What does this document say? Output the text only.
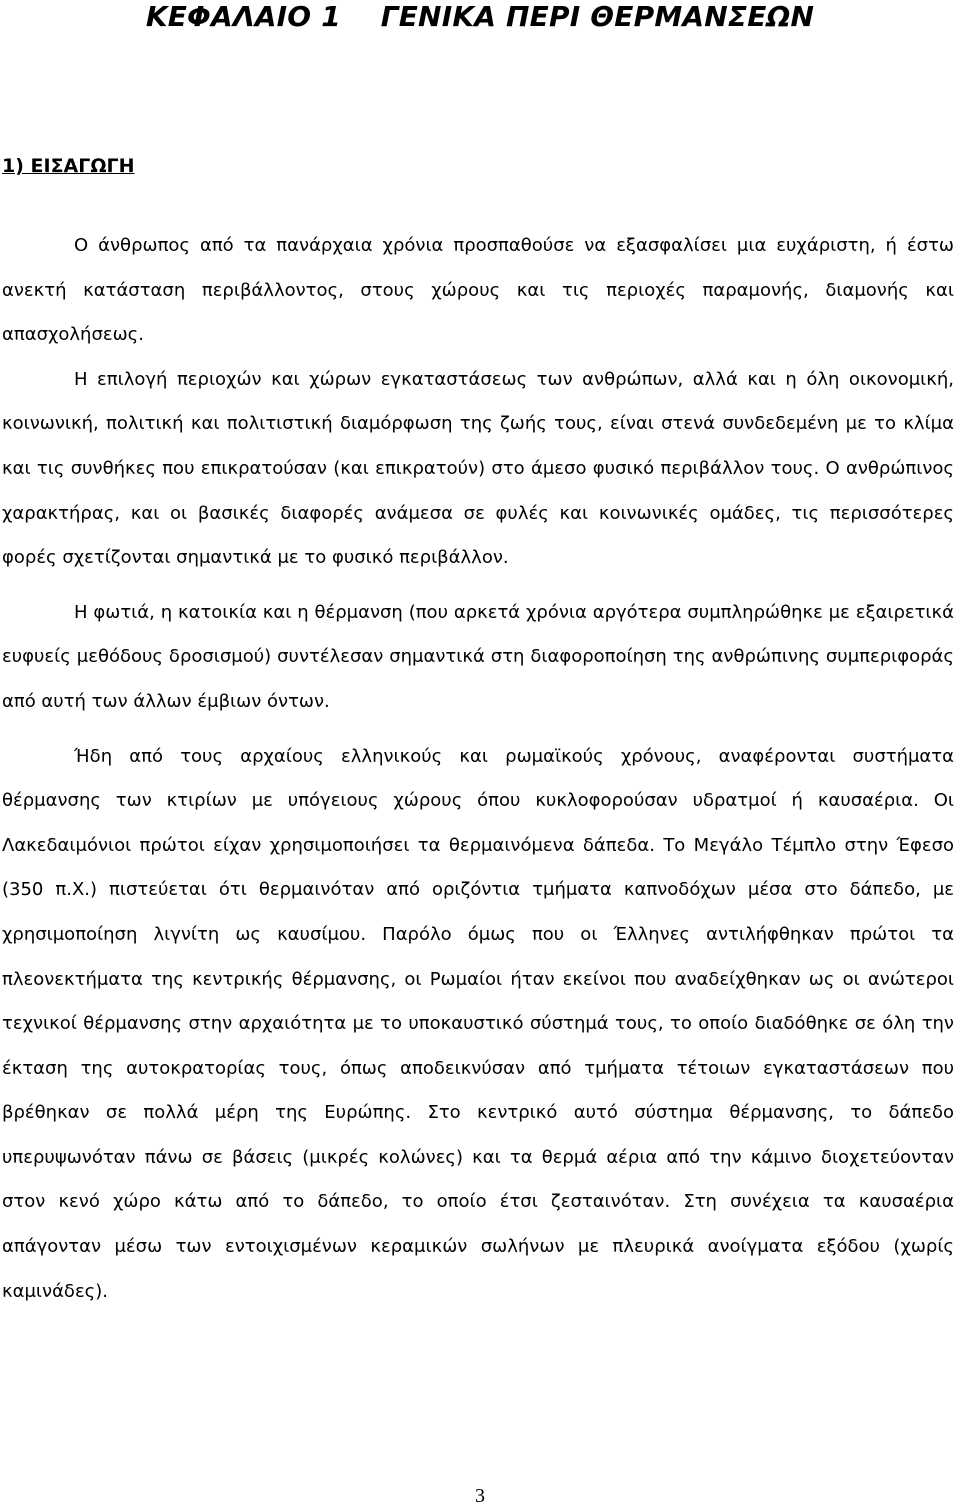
ΚΕΦΑΛΑΙΟ 1    ΓΕΝΙΚΑ ΠΕΡΙ ΘΕΡΜΑΝΣΕΩΝ
1) ΕΙΣΑΓΩΓΗ

Ο άνθρωπος από τα πανάρχαια χρόνια προσπαθούσε να εξασφαλίσει μια ευχάριστη, ή έστω ανεκτή κατάσταση περιβάλλοντος, στους χώρους και τις περιοχές παραμονής, διαμονής και απασχολήσεως.

Η επιλογή περιοχών και χώρων εγκαταστάσεως των ανθρώπων, αλλά και η όλη οικονομική, κοινωνική, πολιτική και πολιτιστική διαμόρφωση της ζωής τους, είναι στενά συνδεδεμένη με το κλίμα και τις συνθήκες που επικρατούσαν (και επικρατούν) στο άμεσο φυσικό περιβάλλον τους. Ο ανθρώπινος χαρακτήρας, και οι βασικές διαφορές ανάμεσα σε φυλές και κοινωνικές ομάδες, τις περισσότερες φορές σχετίζονται σημαντικά με το φυσικό περιβάλλον.

Η φωτιά, η κατοικία και η θέρμανση (που αρκετά χρόνια αργότερα συμπληρώθηκε με εξαιρετικά ευφυείς μεθόδους δροσισμού) συντέλεσαν σημαντικά στη διαφοροποίηση της ανθρώπινης συμπεριφοράς από αυτή των άλλων έμβιων όντων.

Ήδη από τους αρχαίους ελληνικούς και ρωμαϊκούς χρόνους, αναφέρονται συστήματα θέρμανσης των κτιρίων με υπόγειους χώρους όπου κυκλοφορούσαν υδρατμοί ή καυσαέρια. Οι Λακεδαιμόνιοι πρώτοι είχαν χρησιμοποιήσει τα θερμαινόμενα δάπεδα. Το Μεγάλο Τέμπλο στην Έφεσο (350 π.Χ.) πιστεύεται ότι θερμαινόταν από οριζόντια τμήματα καπνοδόχων μέσα στο δάπεδο, με χρησιμοποίηση λιγνίτη ως καυσίμου. Παρόλο όμως που οι Έλληνες αντιλήφθηκαν πρώτοι τα πλεονεκτήματα της κεντρικής θέρμανσης, οι Ρωμαίοι ήταν εκείνοι που αναδείχθηκαν ως οι ανώτεροι τεχνικοί θέρμανσης στην αρχαιότητα με το υποκαυστικό σύστημά τους, το οποίο διαδόθηκε σε όλη την έκταση της αυτοκρατορίας τους, όπως αποδεικνύσαν από τμήματα τέτοιων εγκαταστάσεων που βρέθηκαν σε πολλά μέρη της Ευρώπης. Στο κεντρικό αυτό σύστημα θέρμανσης, το δάπεδο υπερυψωνόταν πάνω σε βάσεις (μικρές κολώνες) και τα θερμά αέρια από την κάμινο διοχετεύονταν στον κενό χώρο κάτω από το δάπεδο, το οποίο έτσι ζεσταινόταν. Στη συνέχεια τα καυσαέρια απάγονταν μέσω των εντοιχισμένων κεραμικών σωλήνων με πλευρικά ανοίγματα εξόδου (χωρίς καμινάδες).

3
